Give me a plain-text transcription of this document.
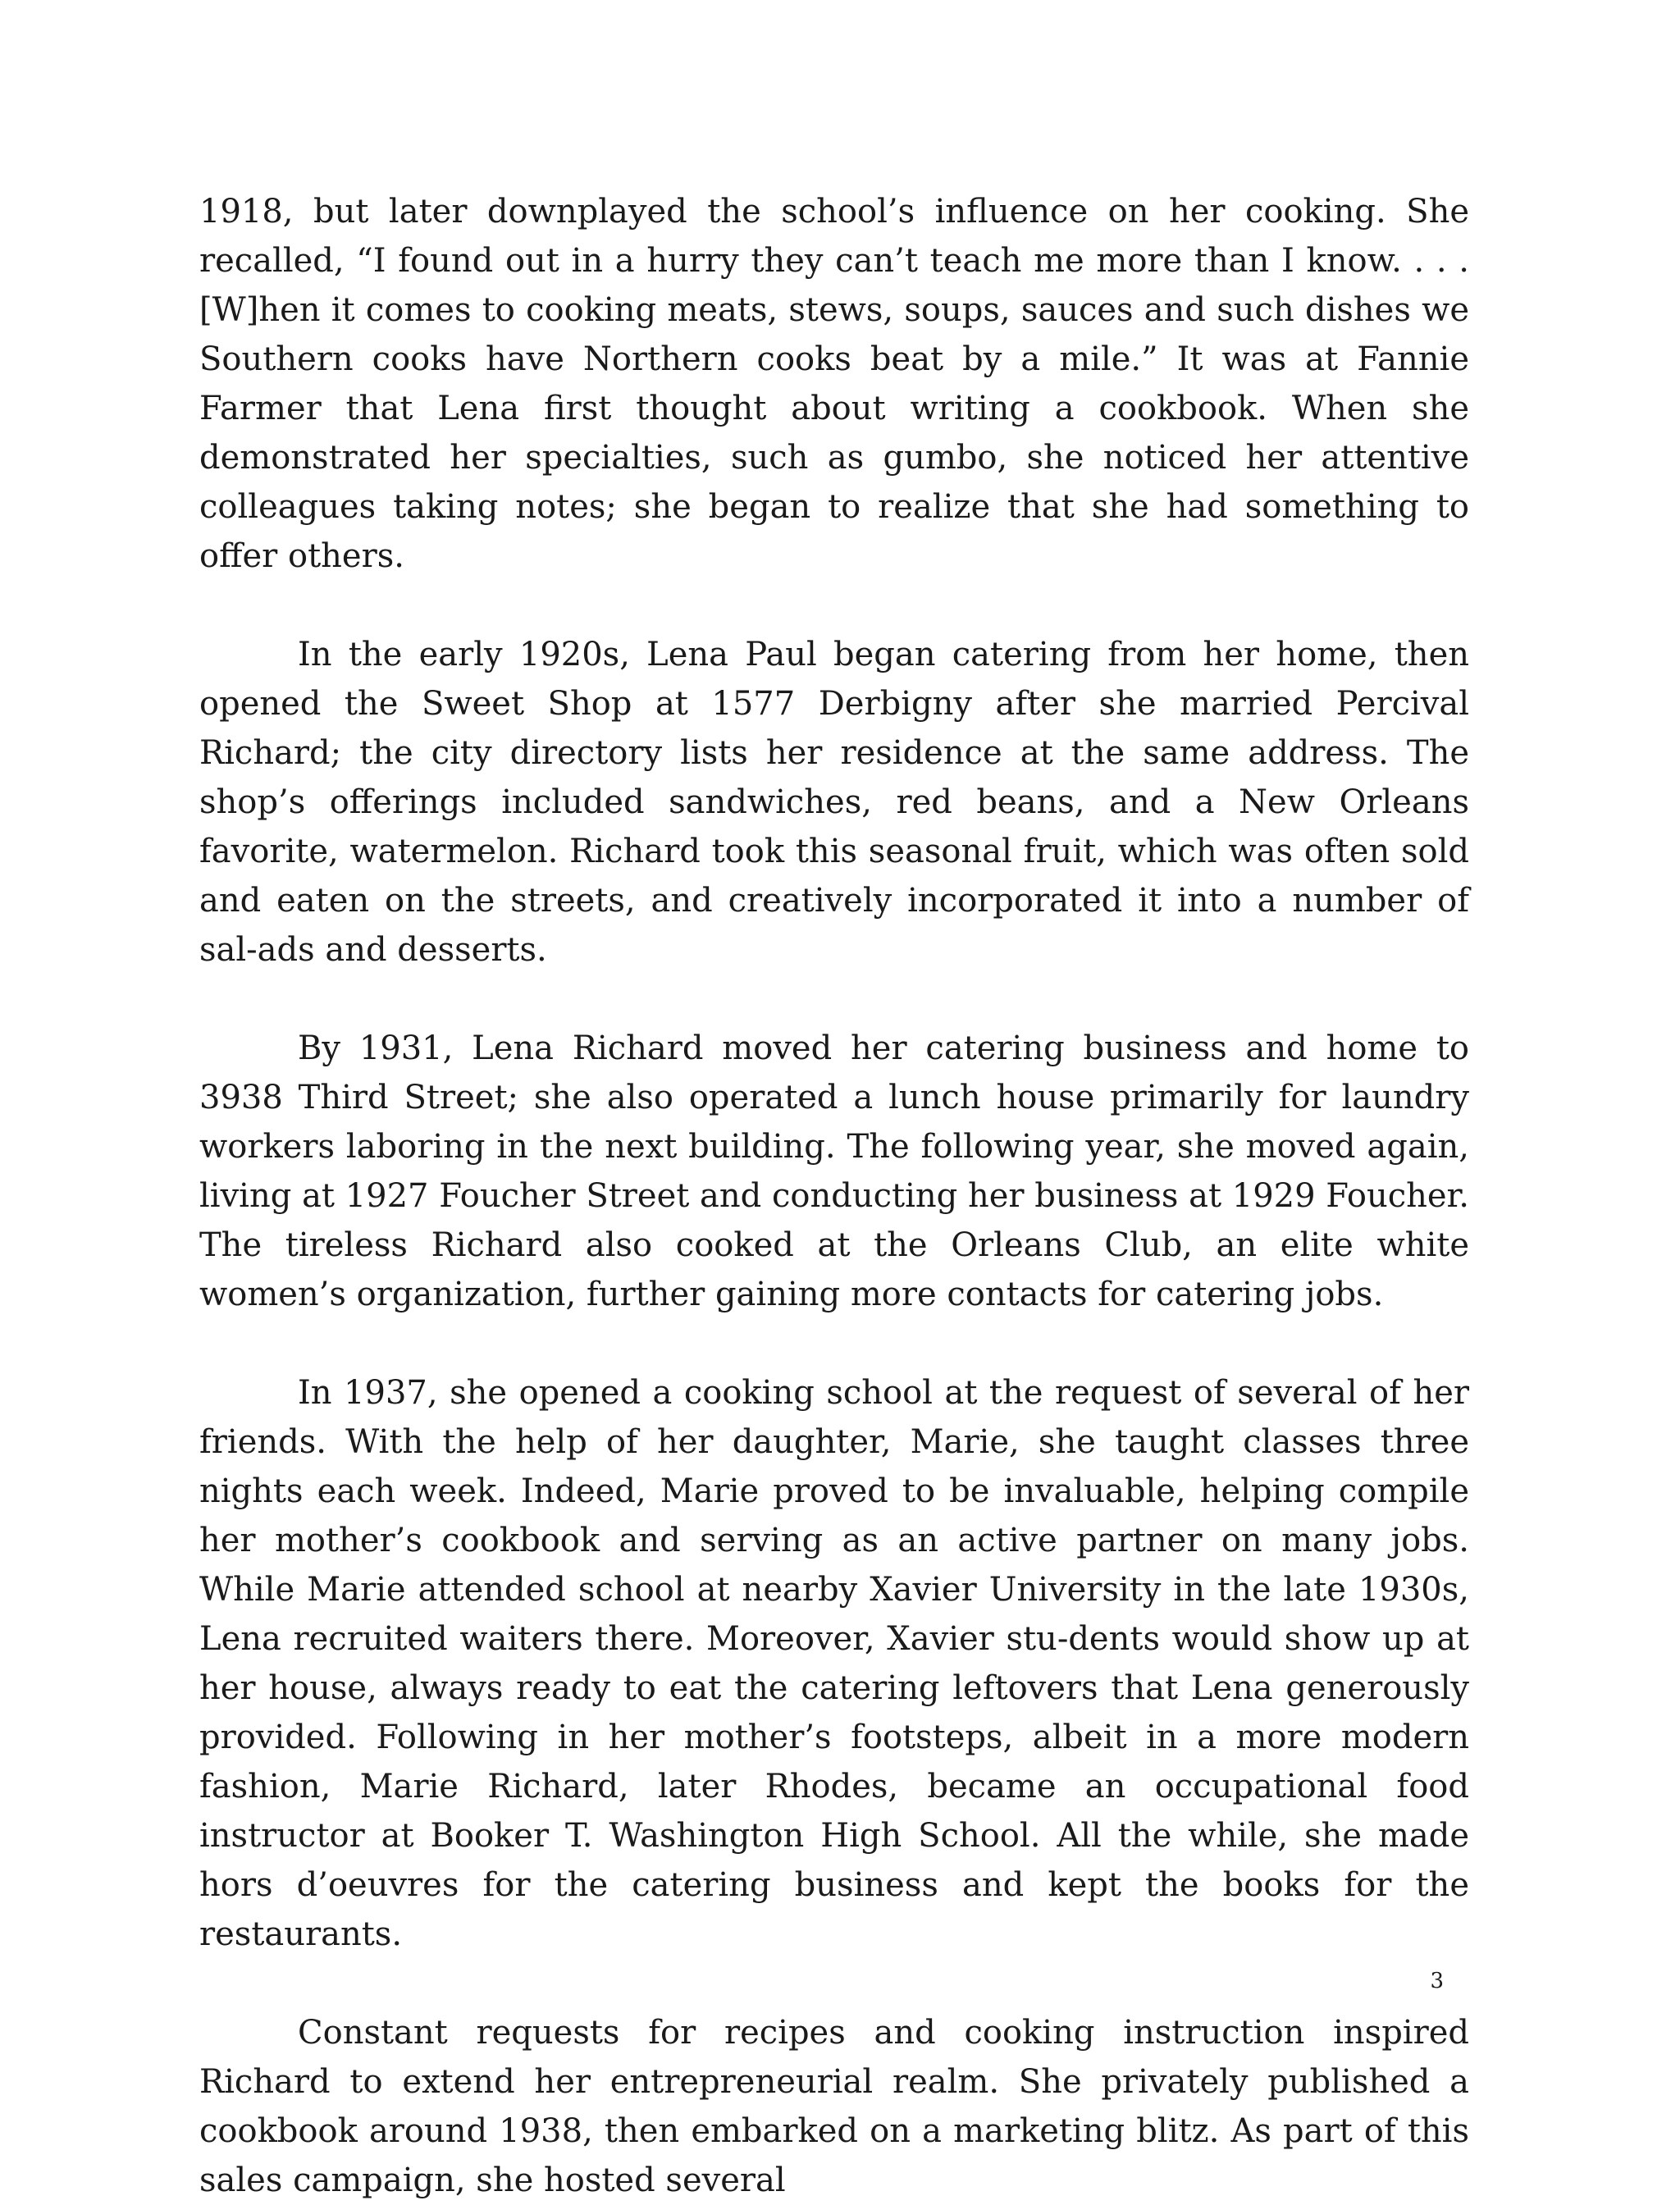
1918, but later downplayed the school’s influence on her cooking. She recalled, “I found out in a hurry they can’t teach me more than I know. . . . [W]hen it comes to cooking meats, stews, soups, sauces and such dishes we Southern cooks have Northern cooks beat by a mile.” It was at Fannie Farmer that Lena first thought about writing a cookbook. When she demonstrated her specialties, such as gumbo, she noticed her attentive colleagues taking notes; she began to realize that she had something to offer others.

In the early 1920s, Lena Paul began catering from her home, then opened the Sweet Shop at 1577 Derbigny after she married Percival Richard; the city directory lists her residence at the same address. The shop’s offerings included sandwiches, red beans, and a New Orleans favorite, watermelon. Richard took this seasonal fruit, which was often sold and eaten on the streets, and creatively incorporated it into a number of sal-ads and desserts.

By 1931, Lena Richard moved her catering business and home to 3938 Third Street; she also operated a lunch house primarily for laundry workers laboring in the next building. The following year, she moved again, living at 1927 Foucher Street and conducting her business at 1929 Foucher. The tireless Richard also cooked at the Orleans Club, an elite white women’s organization, further gaining more contacts for catering jobs.

In 1937, she opened a cooking school at the request of several of her friends. With the help of her daughter, Marie, she taught classes three nights each week. Indeed, Marie proved to be invaluable, helping compile her mother’s cookbook and serving as an active partner on many jobs. While Marie attended school at nearby Xavier University in the late 1930s, Lena recruited waiters there. Moreover, Xavier stu-dents would show up at her house, always ready to eat the catering leftovers that Lena generously provided. Following in her mother’s footsteps, albeit in a more modern fashion, Marie Richard, later Rhodes, became an occupational food instructor at Booker T. Washington High School. All the while, she made hors d’oeuvres for the catering business and kept the books for the restaurants.

Constant requests for recipes and cooking instruction inspired Richard to extend her entrepreneurial realm. She privately published a cookbook around 1938, then embarked on a marketing blitz. As part of this sales campaign, she hosted several

3
